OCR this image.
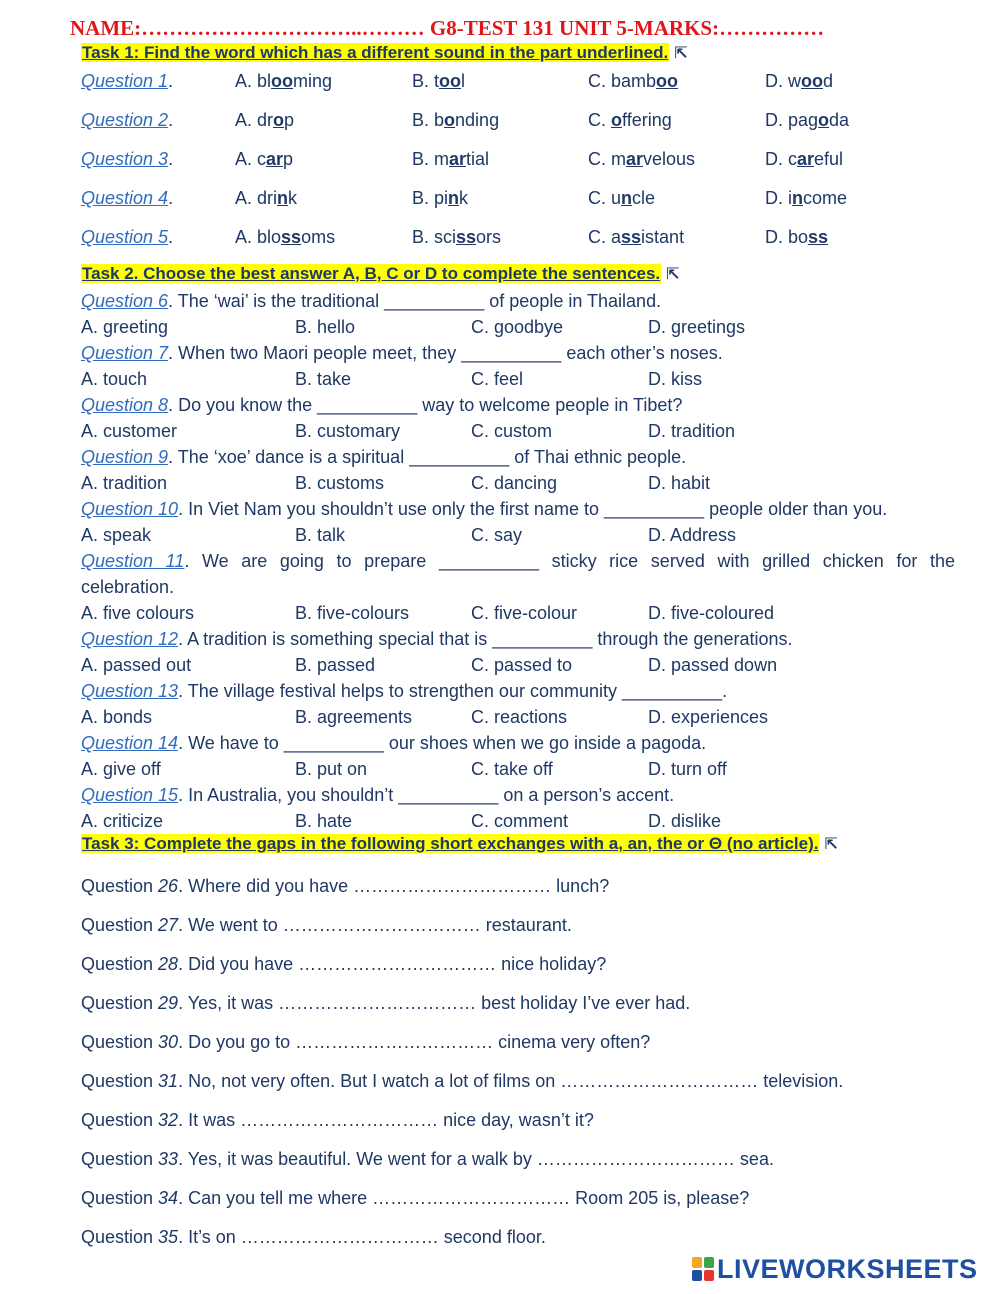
NAME:…………………………..……… G8-TEST 131 UNIT 5-MARKS:……………
Task 1: Find the word which has a different sound in the part underlined. ⇱
Question 1.	A. blooming	B. tool	C. bamboo	D. wood
Question 2.	A. drop	B. bonding	C. offering	D. pagoda
Question 3.	A. carp	B. martial	C. marvelous	D. careful
Question 4.	A. drink	B. pink	C. uncle	D. income
Question 5.	A. blossoms	B. scissors	C. assistant	D. boss
Task 2. Choose the best answer A, B, C or D to complete the sentences. ⇱
Question 6. The ‘wai’ is the traditional __________ of people in Thailand.
A. greeting	B. hello	C. goodbye	D. greetings
Question 7. When two Maori people meet, they __________ each other’s noses.
A. touch	B. take	C. feel	D. kiss
Question 8. Do you know the __________ way to welcome people in Tibet?
A. customer	B. customary	C. custom	D. tradition
Question 9. The ‘xoe’ dance is a spiritual __________ of Thai ethnic people.
A. tradition	B. customs	C. dancing	D. habit
Question 10. In Viet Nam you shouldn’t use only the first name to __________ people older than you.
A. speak	B. talk	C. say	D. Address
Question 11. We are going to prepare __________ sticky rice served with grilled chicken for the
celebration.
A. five colours	B. five-colours	C. five-colour	D. five-coloured
Question 12. A tradition is something special that is __________ through the generations.
A. passed out	B. passed	C. passed to	D. passed down
Question 13. The village festival helps to strengthen our community __________.
A. bonds	B. agreements	C. reactions	D. experiences
Question 14. We have to __________ our shoes when we go inside a pagoda.
A. give off	B. put on	C. take off	D. turn off
Question 15. In Australia, you shouldn’t __________ on a person’s accent.
A. criticize	B. hate	C. comment	D. dislike
Task 3: Complete the gaps in the following short exchanges with a, an, the or Θ (no article). ⇱
Question 26. Where did you have …………………………… lunch?
Question 27. We went to …………………………… restaurant.
Question 28. Did you have …………………………… nice holiday?
Question 29. Yes, it was …………………………… best holiday I’ve ever had.
Question 30. Do you go to …………………………… cinema very often?
Question 31. No, not very often. But I watch a lot of films on …………………………… television.
Question 32. It was …………………………… nice day, wasn’t it?
Question 33. Yes, it was beautiful. We went for a walk by …………………………… sea.
Question 34. Can you tell me where …………………………… Room 205 is, please?
Question 35. It’s on …………………………… second floor.
LIVEWORKSHEETS
